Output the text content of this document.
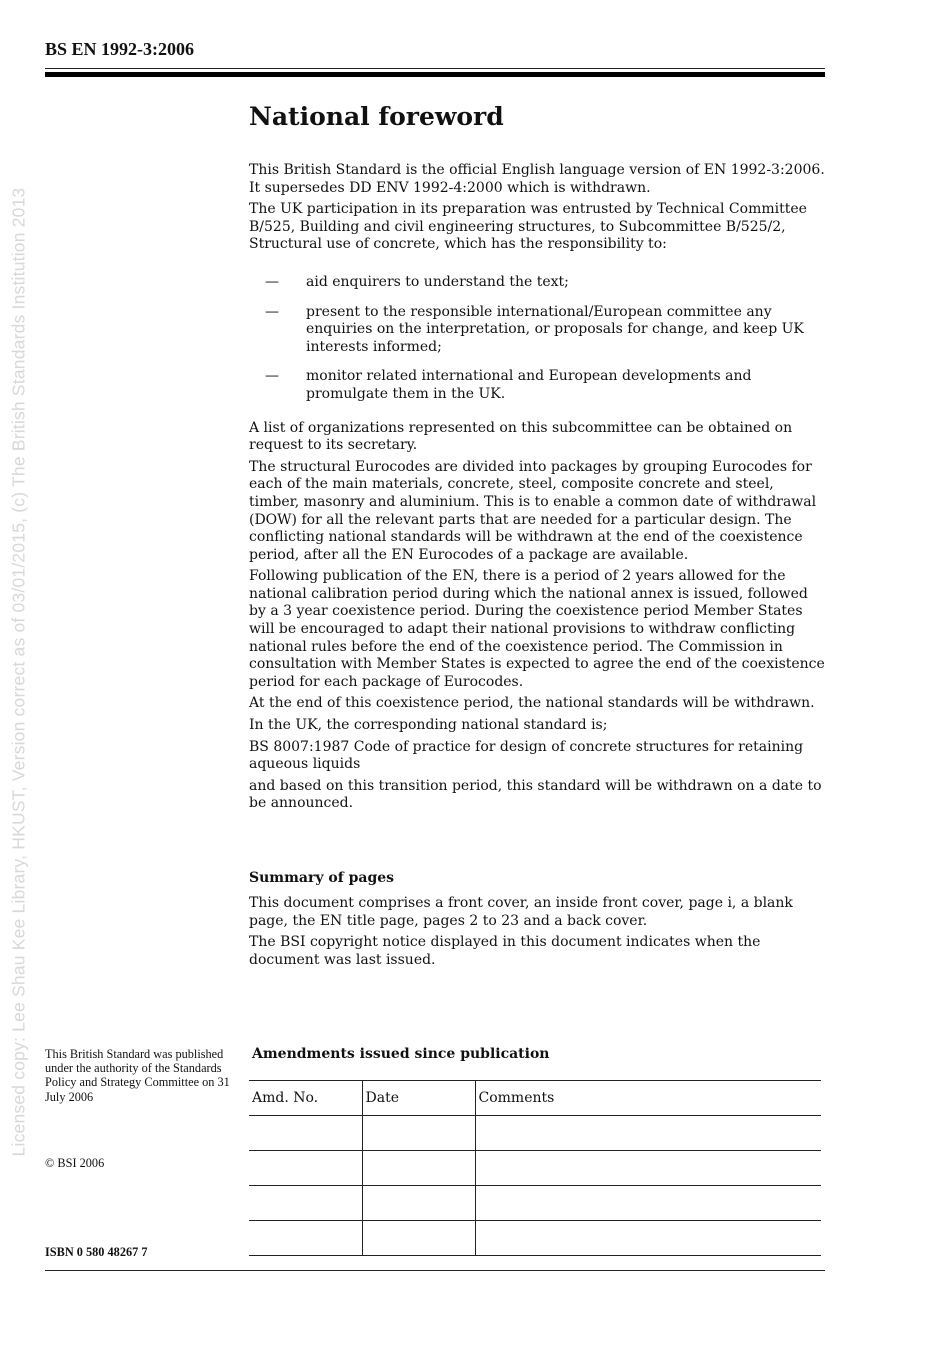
BS EN 1992-3:2006
Licensed copy: Lee Shau Kee Library, HKUST, Version correct as of 03/01/2015, (c) The British Standards Institution 2013
National foreword

This British Standard is the official English language version of EN 1992-3:2006. It supersedes DD ENV 1992-4:2000 which is withdrawn.

The UK participation in its preparation was entrusted by Technical Committee B/525, Building and civil engineering structures, to Subcommittee B/525/2, Structural use of concrete, which has the responsibility to:

— aid enquirers to understand the text;
— present to the responsible international/European committee any enquiries on the interpretation, or proposals for change, and keep UK interests informed;
— monitor related international and European developments and promulgate them in the UK.

A list of organizations represented on this subcommittee can be obtained on request to its secretary.

The structural Eurocodes are divided into packages by grouping Eurocodes for each of the main materials, concrete, steel, composite concrete and steel, timber, masonry and aluminium. This is to enable a common date of withdrawal (DOW) for all the relevant parts that are needed for a particular design. The conflicting national standards will be withdrawn at the end of the coexistence period, after all the EN Eurocodes of a package are available.

Following publication of the EN, there is a period of 2 years allowed for the national calibration period during which the national annex is issued, followed by a 3 year coexistence period. During the coexistence period Member States will be encouraged to adapt their national provisions to withdraw conflicting national rules before the end of the coexistence period. The Commission in consultation with Member States is expected to agree the end of the coexistence period for each package of Eurocodes.

At the end of this coexistence period, the national standards will be withdrawn.

In the UK, the corresponding national standard is;

BS 8007:1987 Code of practice for design of concrete structures for retaining aqueous liquids

and based on this transition period, this standard will be withdrawn on a date to be announced.

Summary of pages

This document comprises a front cover, an inside front cover, page i, a blank page, the EN title page, pages 2 to 23 and a back cover.

The BSI copyright notice displayed in this document indicates when the document was last issued.

This British Standard was published under the authority of the Standards Policy and Strategy Committee on 31 July 2006
© BSI 2006
ISBN 0 580 48267 7
Amendments issued since publication
Amd. No.	Date	Comments
